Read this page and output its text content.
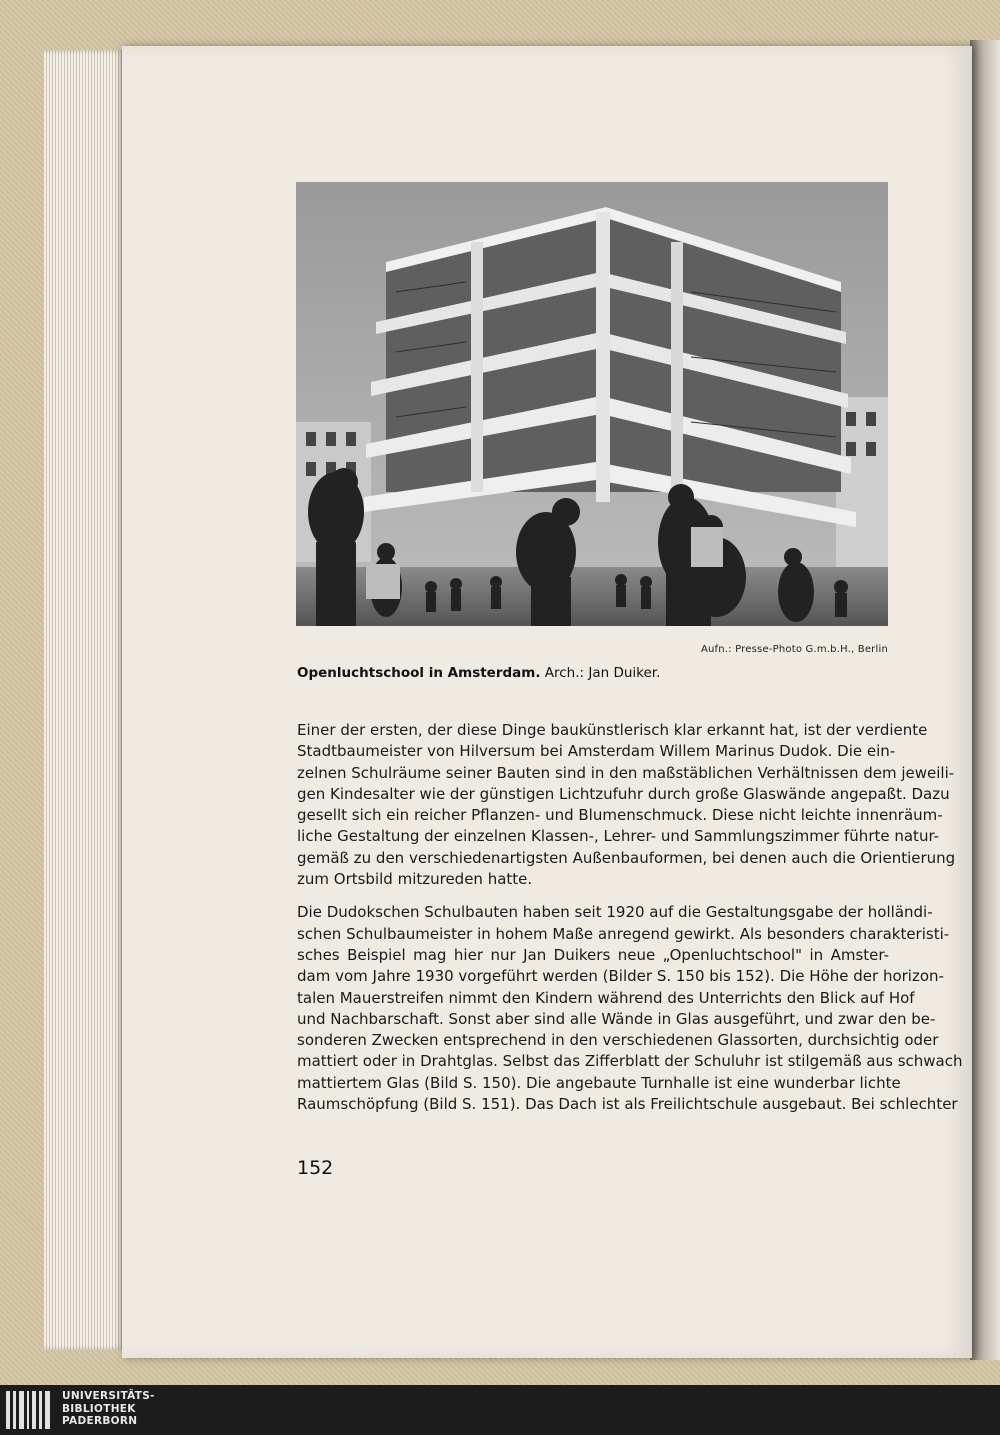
Aufn.: Presse-Photo G.m.b.H., Berlin
Openluchtschool in Amsterdam. Arch.: Jan Duiker.
Einer der ersten, der diese Dinge baukünstlerisch klar erkannt hat, ist der verdiente
Stadtbaumeister von Hilversum bei Amsterdam Willem Marinus Dudok. Die ein-
zelnen Schulräume seiner Bauten sind in den maßstäblichen Verhältnissen dem jeweili-
gen Kindesalter wie der günstigen Lichtzufuhr durch große Glaswände angepaßt. Dazu
gesellt sich ein reicher Pflanzen- und Blumenschmuck. Diese nicht leichte innenräum-
liche Gestaltung der einzelnen Klassen-, Lehrer- und Sammlungszimmer führte natur-
gemäß zu den verschiedenartigsten Außenbauformen, bei denen auch die Orientierung
zum Ortsbild mitzureden hatte.
Die Dudokschen Schulbauten haben seit 1920 auf die Gestaltungsgabe der holländi-
schen Schulbaumeister in hohem Maße anregend gewirkt. Als besonders charakteristi-
sches Beispiel mag hier nur Jan Duikers neue „Openluchtschool" in Amster-
dam vom Jahre 1930 vorgeführt werden (Bilder S. 150 bis 152). Die Höhe der horizon-
talen Mauerstreifen nimmt den Kindern während des Unterrichts den Blick auf Hof
und Nachbarschaft. Sonst aber sind alle Wände in Glas ausgeführt, und zwar den be-
sonderen Zwecken entsprechend in den verschiedenen Glassorten, durchsichtig oder
mattiert oder in Drahtglas. Selbst das Zifferblatt der Schuluhr ist stilgemäß aus schwach
mattiertem Glas (Bild S. 150). Die angebaute Turnhalle ist eine wunderbar lichte
Raumschöpfung (Bild S. 151). Das Dach ist als Freilichtschule ausgebaut. Bei schlechter
152
UNIVERSITÄTS-
BIBLIOTHEK
PADERBORN
